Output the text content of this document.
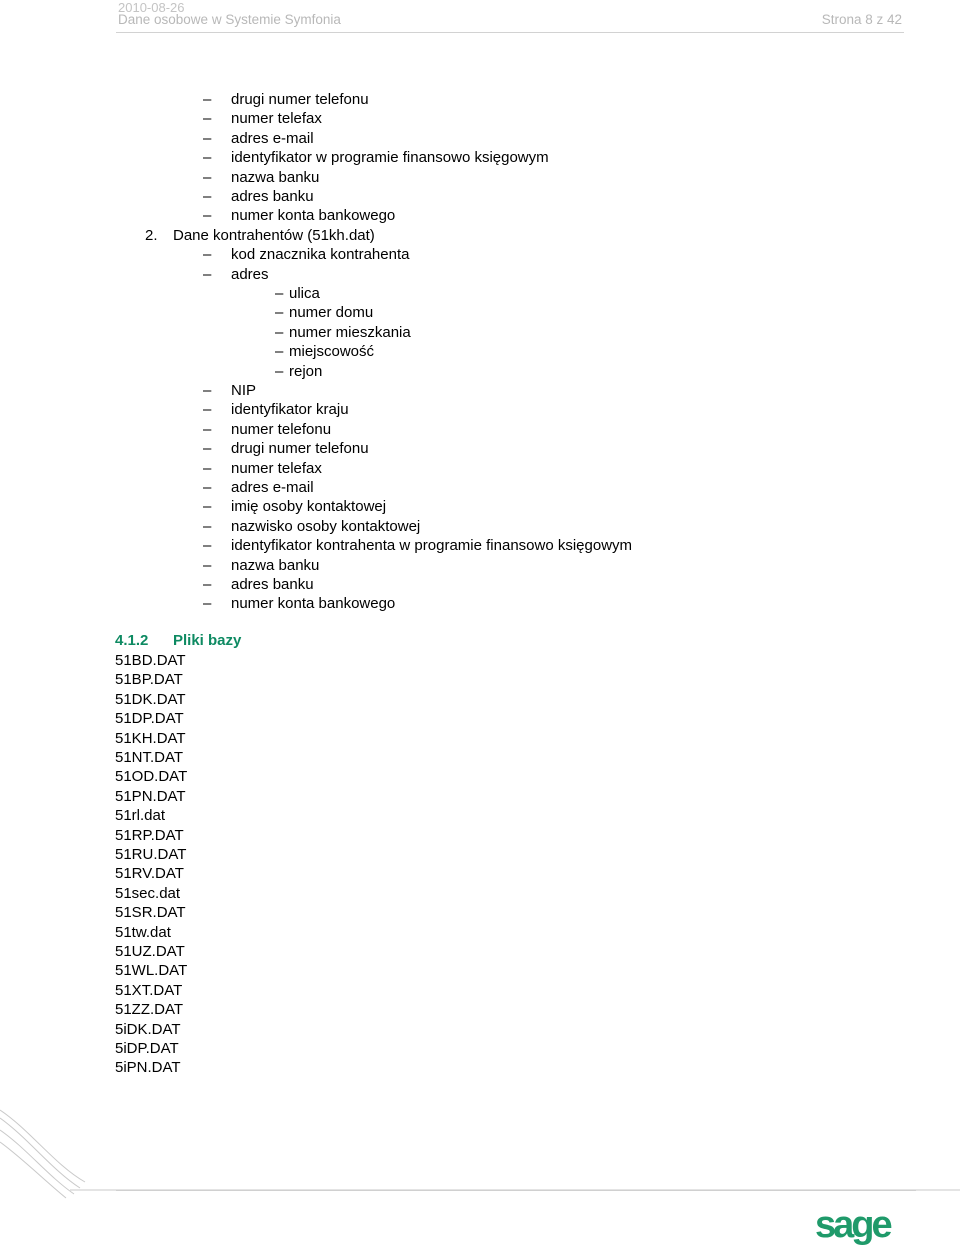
2010-08-26
Dane osobowe w Systemie Symfonia	Strona 8 z 42
2. Dane kontrahentów (51kh.dat)
4.1.2 Pliki bazy
– drugi numer telefonu
– numer telefax
– adres e-mail
– identyfikator w programie finansowo księgowym
– nazwa banku
– adres banku
– numer konta bankowego
– kod znacznika kontrahenta
– adres
– ulica
– numer domu
– numer mieszkania
– miejscowość
– rejon
– NIP
– identyfikator kraju
– numer telefonu
– drugi numer telefonu
– numer telefax
– adres e-mail
– imię osoby kontaktowej
– nazwisko osoby kontaktowej
– identyfikator kontrahenta w programie finansowo księgowym
– nazwa banku
– adres banku
– numer konta bankowego
51BD.DAT
51BP.DAT
51DK.DAT
51DP.DAT
51KH.DAT
51NT.DAT
51OD.DAT
51PN.DAT
51rl.dat
51RP.DAT
51RU.DAT
51RV.DAT
51sec.dat
51SR.DAT
51tw.dat
51UZ.DAT
51WL.DAT
51XT.DAT
51ZZ.DAT
5iDK.DAT
5iDP.DAT
5iPN.DAT
sage
